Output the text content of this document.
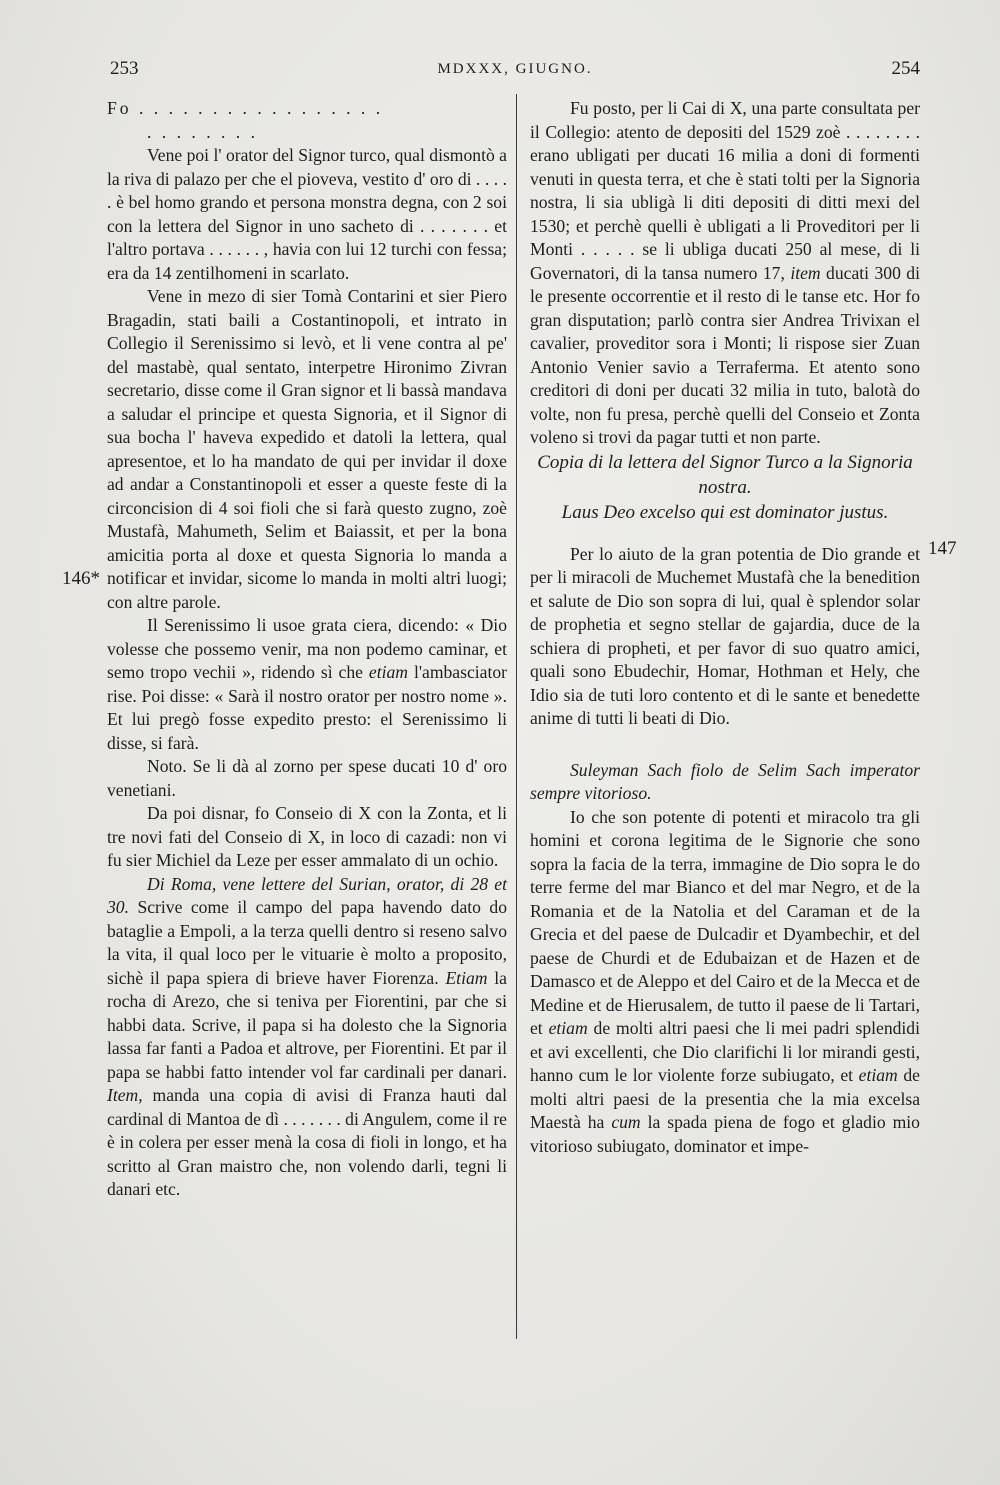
253	MDXXX, GIUGNO.	254
146*
147

Fo . . . . . . . . . . . . . . . . .

. . . . . . . .

Vene poi l' orator del Signor turco, qual dismontò a la riva di palazo per che el pioveva, vestito d' oro di . . . . . è bel homo grando et persona monstra degna, con 2 soi con la lettera del Signor in uno sacheto di . . . . . . . et l'altro portava . . . . . . , havia con lui 12 turchi con fessa; era da 14 zentilhomeni in scarlato.

Vene in mezo di sier Tomà Contarini et sier Piero Bragadin, stati baili a Costantinopoli, et intrato in Collegio il Serenissimo si levò, et li vene contra al pe' del mastabè, qual sentato, interpetre Hironimo Zivran secretario, disse come il Gran signor et li bassà mandava a saludar el principe et questa Signoria, et il Signor di sua bocha l' haveva expedido et datoli la lettera, qual apresentoe, et lo ha mandato de qui per invidar il doxe ad andar a Constantinopoli et esser a queste feste di la circoncision di 4 soi fioli che si farà questo zugno, zoè Mustafà, Mahumeth, Selim et Baiassit, et per la bona amicitia porta al doxe et questa Signoria lo manda a notificar et invidar, sicome lo manda in molti altri luogi; con altre parole.

Il Serenissimo li usoe grata ciera, dicendo: « Dio volesse che possemo venir, ma non podemo caminar, et semo tropo vechii », ridendo sì che etiam l'ambasciator rise. Poi disse: « Sarà il nostro orator per nostro nome ». Et lui pregò fosse expedito presto: el Serenissimo li disse, si farà.

Noto. Se li dà al zorno per spese ducati 10 d' oro venetiani.

Da poi disnar, fo Conseio di X con la Zonta, et li tre novi fati del Conseio di X, in loco di cazadi: non vi fu sier Michiel da Leze per esser ammalato di un ochio.

Di Roma, vene lettere del Surian, orator, di 28 et 30. Scrive come il campo del papa havendo dato do bataglie a Empoli, a la terza quelli dentro si reseno salvo la vita, il qual loco per le vituarie è molto a proposito, sichè il papa spiera di brieve haver Fiorenza. Etiam la rocha di Arezo, che si teniva per Fiorentini, par che si habbi data. Scrive, il papa si ha dolesto che la Signoria lassa far fanti a Padoa et altrove, per Fiorentini. Et par il papa se habbi fatto intender vol far cardinali per danari. Item, manda una copia di avisi di Franza hauti dal cardinal di Mantoa de dì . . . . . . . di Angulem, come il re è in colera per esser menà la cosa di fioli in longo, et ha scritto al Gran maistro che, non volendo darli, tegni li danari etc.

Fu posto, per li Cai di X, una parte consultata per il Collegio: atento de depositi del 1529 zoè . . . . . . . . erano ubligati per ducati 16 milia a doni di formenti venuti in questa terra, et che è stati tolti per la Signoria nostra, li sia ubligà li diti depositi di ditti mexi del 1530; et perchè quelli è ubligati a li Proveditori per li Monti . . . . . se li ubliga ducati 250 al mese, di li Governatori, di la tansa numero 17, item ducati 300 di le presente occorrentie et il resto di le tanse etc. Hor fo gran disputation; parlò contra sier Andrea Trivixan el cavalier, proveditor sora i Monti; li rispose sier Zuan Antonio Venier savio a Terraferma. Et atento sono creditori di doni per ducati 32 milia in tuto, balotà do volte, non fu presa, perchè quelli del Conseio et Zonta voleno si trovi da pagar tutti et non parte.

Copia di la lettera del Signor Turco a la Signoria nostra.

Laus Deo excelso qui est dominator justus.

Per lo aiuto de la gran potentia de Dio grande et per li miracoli de Muchemet Mustafà che la benedition et salute de Dio son sopra di lui, qual è splendor solar de prophetia et segno stellar de gajardia, duce de la schiera di propheti, et per favor di suo quatro amici, quali sono Ebudechir, Homar, Hothman et Hely, che Idio sia de tuti loro contento et di le sante et benedette anime di tutti li beati di Dio.

Suleyman Sach fiolo de Selim Sach imperator sempre vitorioso.

Io che son potente di potenti et miracolo tra gli homini et corona legitima de le Signorie che sono sopra la facia de la terra, immagine de Dio sopra le do terre ferme del mar Bianco et del mar Negro, et de la Romania et de la Natolia et del Caraman et de la Grecia et del paese de Dulcadir et Dyambechir, et del paese de Churdi et de Edubaizan et de Hazen et de Damasco et de Aleppo et del Cairo et de la Mecca et de Medine et de Hierusalem, de tutto il paese de li Tartari, et etiam de molti altri paesi che li mei padri splendidi et avi excellenti, che Dio clarifichi li lor mirandi gesti, hanno cum le lor violente forze subiugato, et etiam de molti altri paesi de la presentia che la mia excelsa Maestà ha cum la spada piena de fogo et gladio mio vitorioso subiugato, dominator et impe-
